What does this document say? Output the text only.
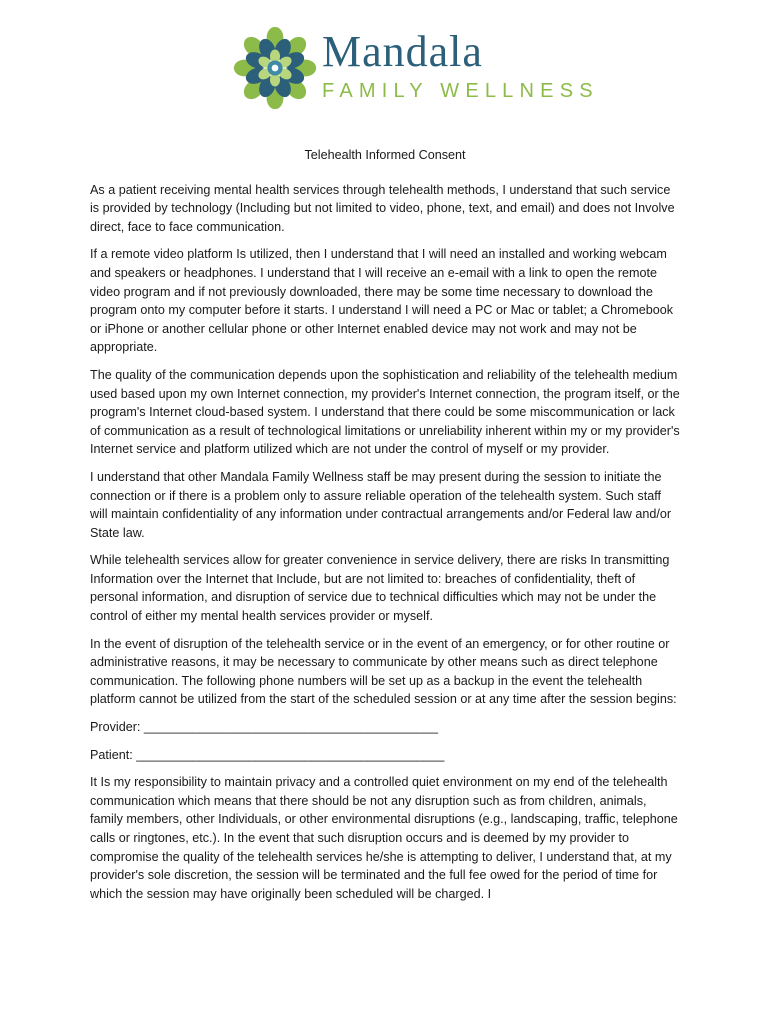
Mandala
FAMILY WELLNESS
Telehealth Informed Consent

As a patient receiving mental health services through telehealth methods, I understand that such service is provided by technology (Including but not limited to video, phone, text, and email) and does not Involve direct, face to face communication.

If a remote video platform Is utilized, then I understand that I will need an installed and working webcam and speakers or headphones. I understand that I will receive an e-email with a link to open the remote video program and if not previously downloaded, there may be some time necessary to download the program onto my computer before it starts. I understand I will need a PC or Mac or tablet; a Chromebook or iPhone or another cellular phone or other Internet enabled device may not work and may not be appropriate.

The quality of the communication depends upon the sophistication and reliability of the telehealth medium used based upon my own Internet connection, my provider's Internet connection, the program itself, or the program's Internet cloud-based system. I understand that there could be some miscommunication or lack of communication as a result of technological limitations or unreliability inherent within my or my provider's Internet service and platform utilized which are not under the control of myself or my provider.

I understand that other Mandala Family Wellness staff be may present during the session to initiate the connection or if there is a problem only to assure reliable operation of the telehealth system. Such staff will maintain confidentiality of any information under contractual arrangements and/or Federal law and/or State law.

While telehealth services allow for greater convenience in service delivery, there are risks In transmitting Information over the Internet that Include, but are not limited to: breaches of confidentiality, theft of personal information, and disruption of service due to technical difficulties which may not be under the control of either my mental health services provider or myself.

In the event of disruption of the telehealth service or in the event of an emergency, or for other routine or administrative reasons, it may be necessary to communicate by other means such as direct telephone communication. The following phone numbers will be set up as a backup in the event the telehealth platform cannot be utilized from the start of the scheduled session or at any time after the session begins:

Provider: __________________________________________
Patient: ____________________________________________

It Is my responsibility to maintain privacy and a controlled quiet environment on my end of the telehealth communication which means that there should be not any disruption such as from children, animals, family members, other Individuals, or other environmental disruptions (e.g., landscaping, traffic, telephone calls or ringtones, etc.). In the event that such disruption occurs and is deemed by my provider to compromise the quality of the telehealth services he/she is attempting to deliver, I understand that, at my provider's sole discretion, the session will be terminated and the full fee owed for the period of time for which the session may have originally been scheduled will be charged. I
